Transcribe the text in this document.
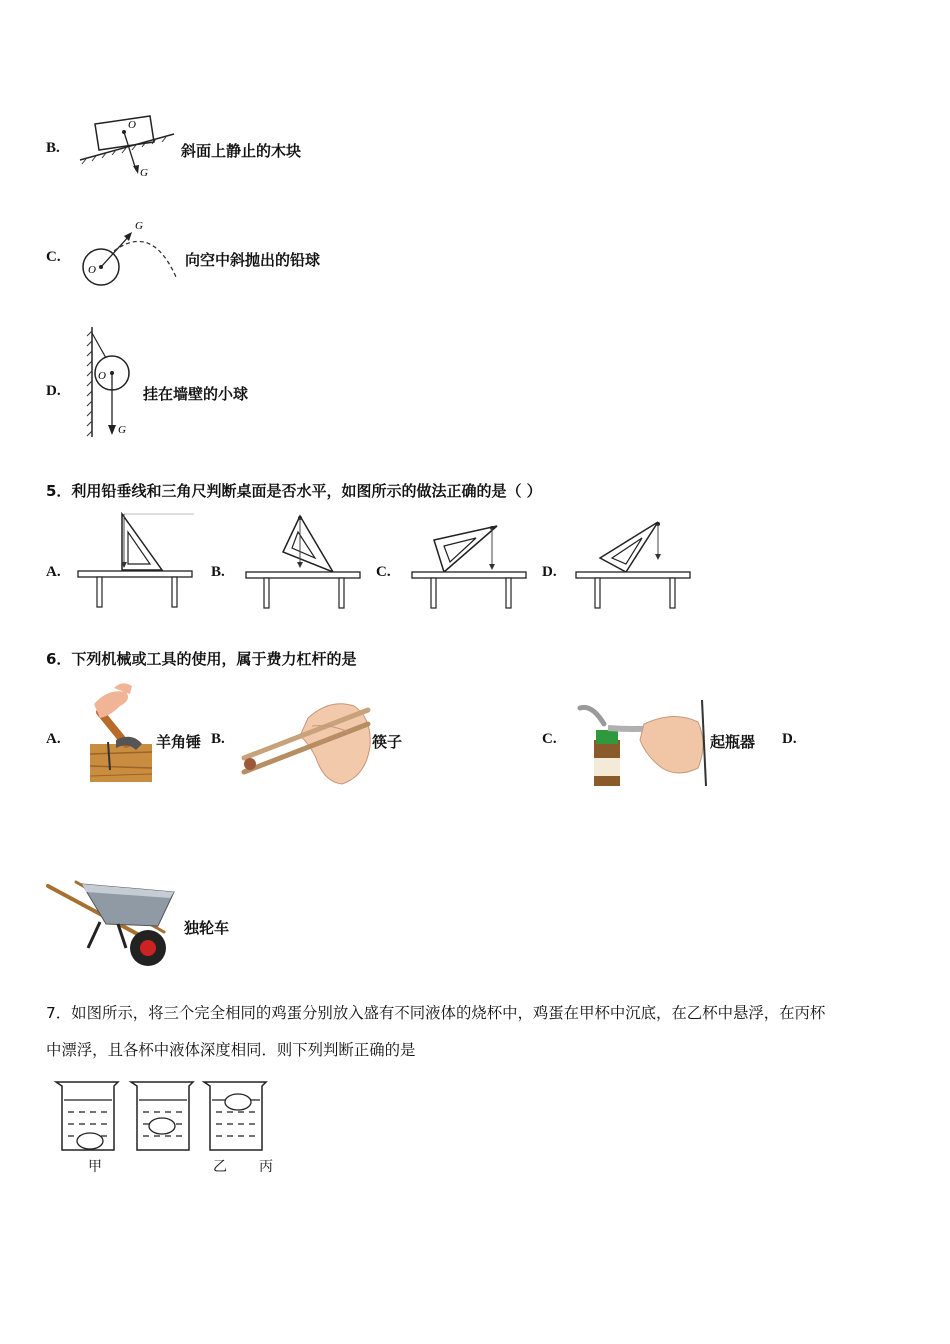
B.
O
G
斜面上静止的木块
C.
O
G
向空中斜抛出的铅球
D.
O
G
挂在墙壁的小球
5．利用铅垂线和三角尺判断桌面是否水平，如图所示的做法正确的是（ ）
A.	B.	C.	D.
6．下列机械或工具的使用，属于费力杠杆的是
A.	羊角锤 B.	筷子	C.	起瓶器 D.
独轮车
7．如图所示，将三个完全相同的鸡蛋分别放入盛有不同液体的烧杯中，鸡蛋在甲杯中沉底，在乙杯中悬浮，在丙杯
中漂浮，且各杯中液体深度相同．则下列判断正确的是
甲	乙 丙
